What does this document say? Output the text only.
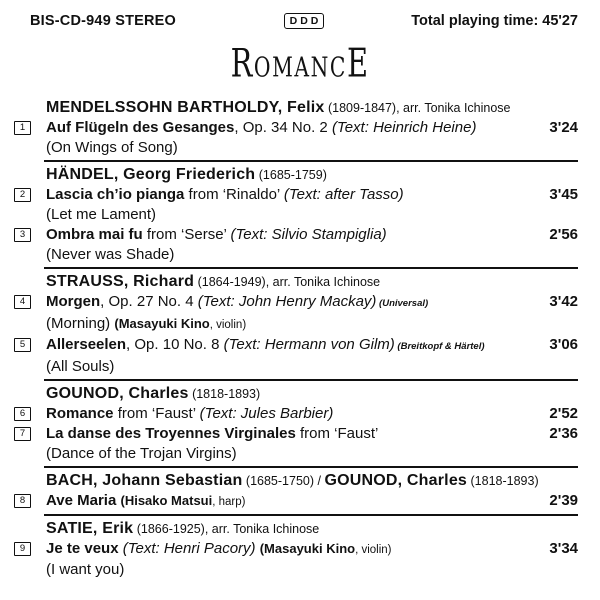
BIS-CD-949 STEREO	DDD	Total playing time: 45'27
ROMANCE
MENDELSSOHN BARTHOLDY, Felix (1809-1847), arr. Tonika Ichinose
1	Auf Flügeln des Gesanges, Op. 34 No. 2 (Text: Heinrich Heine)	3'24
(On Wings of Song)
HÄNDEL, Georg Friederich (1685-1759)
2	Lascia ch’io pianga from ‘Rinaldo’ (Text: after Tasso)	3'45
(Let me Lament)
3	Ombra mai fu from ‘Serse’ (Text: Silvio Stampiglia)	2'56
(Never was Shade)
STRAUSS, Richard (1864-1949), arr. Tonika Ichinose
4	Morgen, Op. 27 No. 4 (Text: John Henry Mackay) (Universal)	3'42
(Morning) (Masayuki Kino, violin)
5	Allerseelen, Op. 10 No. 8 (Text: Hermann von Gilm) (Breitkopf & Härtel)	3'06
(All Souls)
GOUNOD, Charles (1818-1893)
6	Romance from ‘Faust’ (Text: Jules Barbier)	2'52
7	La danse des Troyennes Virginales from ‘Faust’	2'36
(Dance of the Trojan Virgins)
BACH, Johann Sebastian (1685-1750) / GOUNOD, Charles (1818-1893)
8	Ave Maria (Hisako Matsui, harp)	2'39
SATIE, Erik (1866-1925), arr. Tonika Ichinose
9	Je te veux (Text: Henri Pacory) (Masayuki Kino, violin)	3'34
(I want you)
